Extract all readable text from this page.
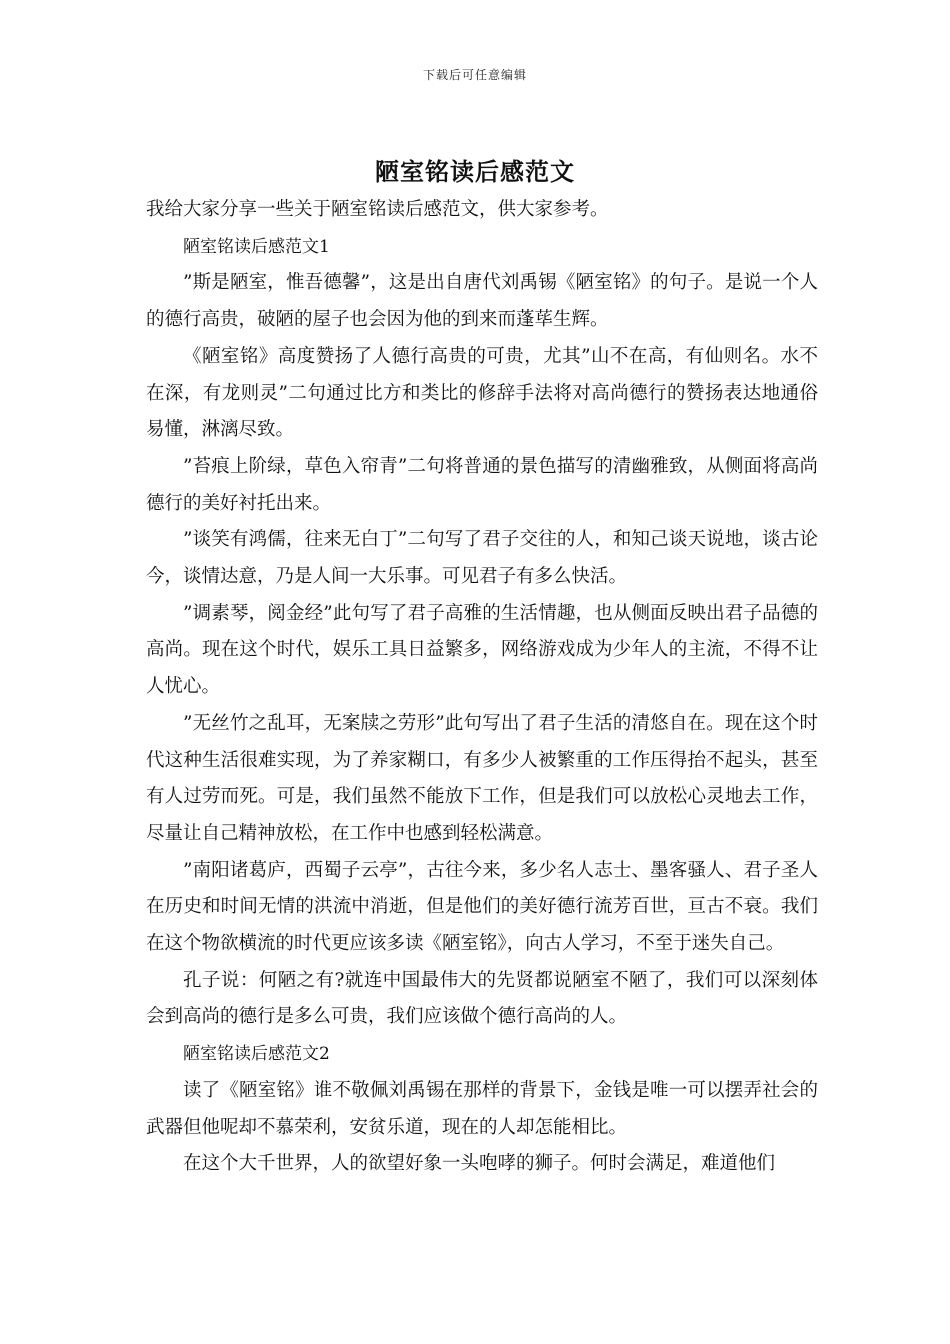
下载后可任意编辑
陋室铭读后感范文

我给大家分享一些关于陋室铭读后感范文，供大家参考。

陋室铭读后感范文1

”斯是陋室，惟吾德馨”，这是出自唐代刘禹锡《陋室铭》的句子。是说一个人的德行高贵，破陋的屋子也会因为他的到来而蓬荜生辉。

《陋室铭》高度赞扬了人德行高贵的可贵，尤其”山不在高，有仙则名。水不在深，有龙则灵”二句通过比方和类比的修辞手法将对高尚德行的赞扬表达地通俗易懂，淋漓尽致。

”苔痕上阶绿，草色入帘青”二句将普通的景色描写的清幽雅致，从侧面将高尚德行的美好衬托出来。

”谈笑有鸿儒，往来无白丁”二句写了君子交往的人，和知己谈天说地，谈古论今，谈情达意，乃是人间一大乐事。可见君子有多么快活。

”调素琴，阅金经”此句写了君子高雅的生活情趣，也从侧面反映出君子品德的高尚。现在这个时代，娱乐工具日益繁多，网络游戏成为少年人的主流，不得不让人忧心。

”无丝竹之乱耳，无案牍之劳形”此句写出了君子生活的清悠自在。现在这个时代这种生活很难实现，为了养家糊口，有多少人被繁重的工作压得抬不起头，甚至有人过劳而死。可是，我们虽然不能放下工作，但是我们可以放松心灵地去工作，尽量让自己精神放松，在工作中也感到轻松满意。

”南阳诸葛庐，西蜀子云亭”，古往今来，多少名人志士、墨客骚人、君子圣人在历史和时间无情的洪流中消逝，但是他们的美好德行流芳百世，亘古不衰。我们在这个物欲横流的时代更应该多读《陋室铭》，向古人学习，不至于迷失自己。

孔子说：何陋之有?就连中国最伟大的先贤都说陋室不陋了，我们可以深刻体会到高尚的德行是多么可贵，我们应该做个德行高尚的人。

陋室铭读后感范文2

读了《陋室铭》谁不敬佩刘禹锡在那样的背景下，金钱是唯一可以摆弄社会的武器但他呢却不慕荣利，安贫乐道，现在的人却怎能相比。

在这个大千世界，人的欲望好象一头咆哮的狮子。何时会满足，难道他们
